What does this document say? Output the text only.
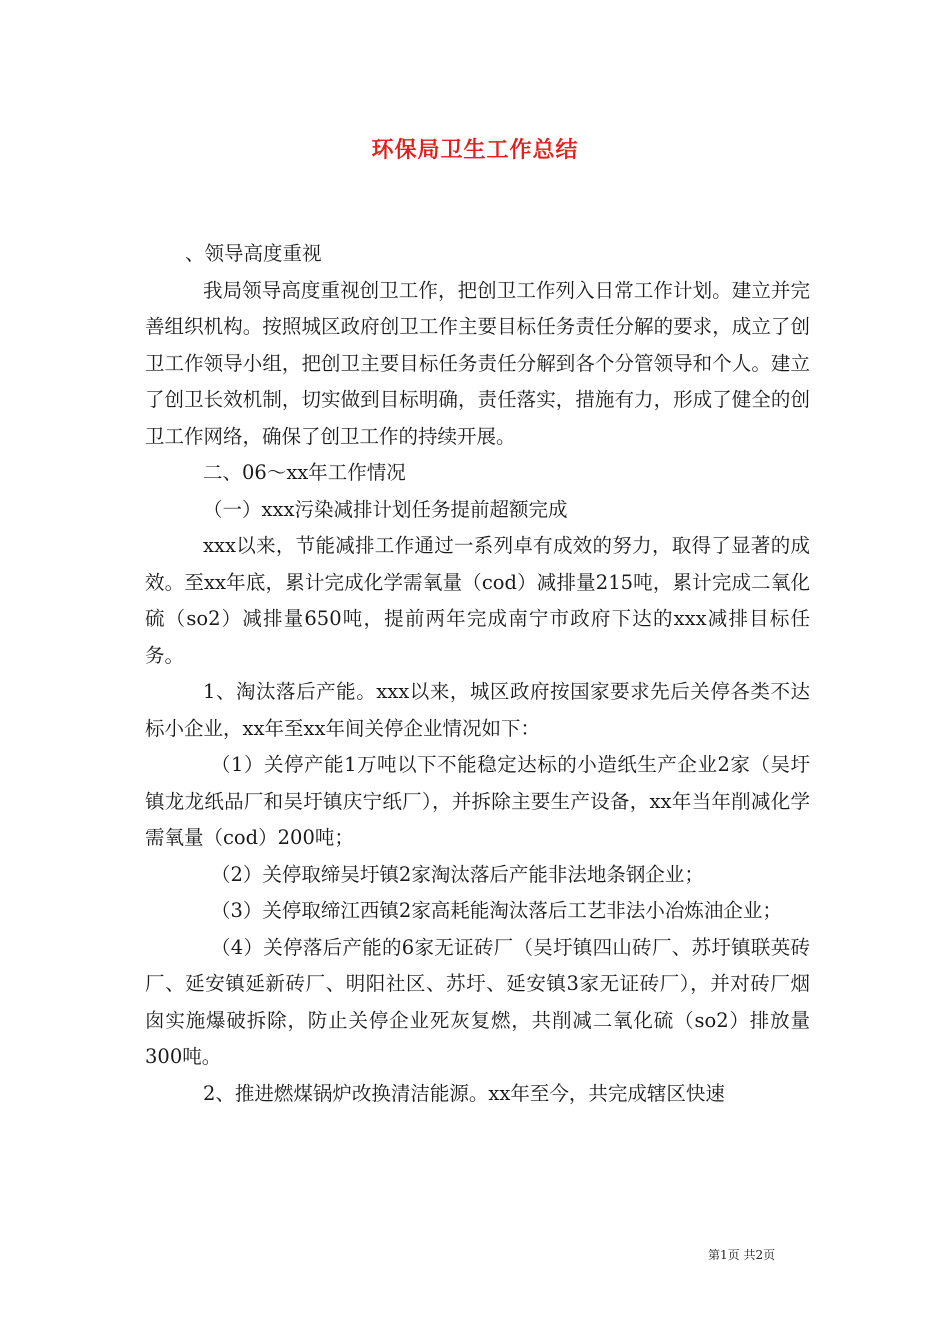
环保局卫生工作总结

、领导高度重视

我局领导高度重视创卫工作，把创卫工作列入日常工作计划。建立并完善组织机构。按照城区政府创卫工作主要目标任务责任分解的要求，成立了创卫工作领导小组，把创卫主要目标任务责任分解到各个分管领导和个人。建立了创卫长效机制，切实做到目标明确，责任落实，措施有力，形成了健全的创卫工作网络，确保了创卫工作的持续开展。

二、06～xx年工作情况

（一）xxx污染减排计划任务提前超额完成

xxx以来，节能减排工作通过一系列卓有成效的努力，取得了显著的成效。至xx年底，累计完成化学需氧量（cod）减排量215吨，累计完成二氧化硫（so2）减排量650吨，提前两年完成南宁市政府下达的xxx减排目标任务。

1、淘汰落后产能。xxx以来，城区政府按国家要求先后关停各类不达标小企业，xx年至xx年间关停企业情况如下：

（1）关停产能1万吨以下不能稳定达标的小造纸生产企业2家（吴圩镇龙龙纸品厂和吴圩镇庆宁纸厂），并拆除主要生产设备，xx年当年削减化学需氧量（cod）200吨；

（2）关停取缔吴圩镇2家淘汰落后产能非法地条钢企业；

（3）关停取缔江西镇2家高耗能淘汰落后工艺非法小冶炼油企业；

（4）关停落后产能的6家无证砖厂（吴圩镇四山砖厂、苏圩镇联英砖厂、延安镇延新砖厂、明阳社区、苏圩、延安镇3家无证砖厂），并对砖厂烟囱实施爆破拆除，防止关停企业死灰复燃，共削减二氧化硫（so2）排放量300吨。

2、推进燃煤锅炉改换清洁能源。xx年至今，共完成辖区快速

第1页 共2页
